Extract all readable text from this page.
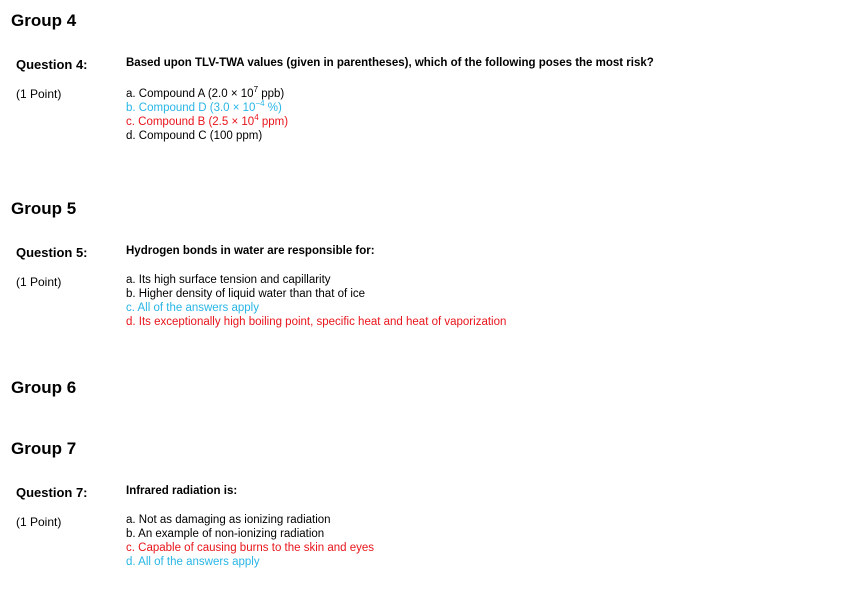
Group 4
Question 4:
(1 Point)
Based upon TLV-TWA values (given in parentheses), which of the following poses the most risk?
a. Compound A ($2.0 \times 10^7$ ppb)
b. Compound D ($3.0 \times 10^{-4}$ %)
c. Compound B ($2.5 \times 10^4$ ppm)
d. Compound C (100 ppm)
Group 5
Question 5:
(1 Point)
Hydrogen bonds in water are responsible for:
a. Its high surface tension and capillarity
b. Higher density of liquid water than that of ice
c. All of the answers apply
d. Its exceptionally high boiling point, specific heat and heat of vaporization
Group 6
Group 7
Question 7:
(1 Point)
Infrared radiation is:
a. Not as damaging as ionizing radiation
b. An example of non-ionizing radiation
c. Capable of causing burns to the skin and eyes
d. All of the answers apply
